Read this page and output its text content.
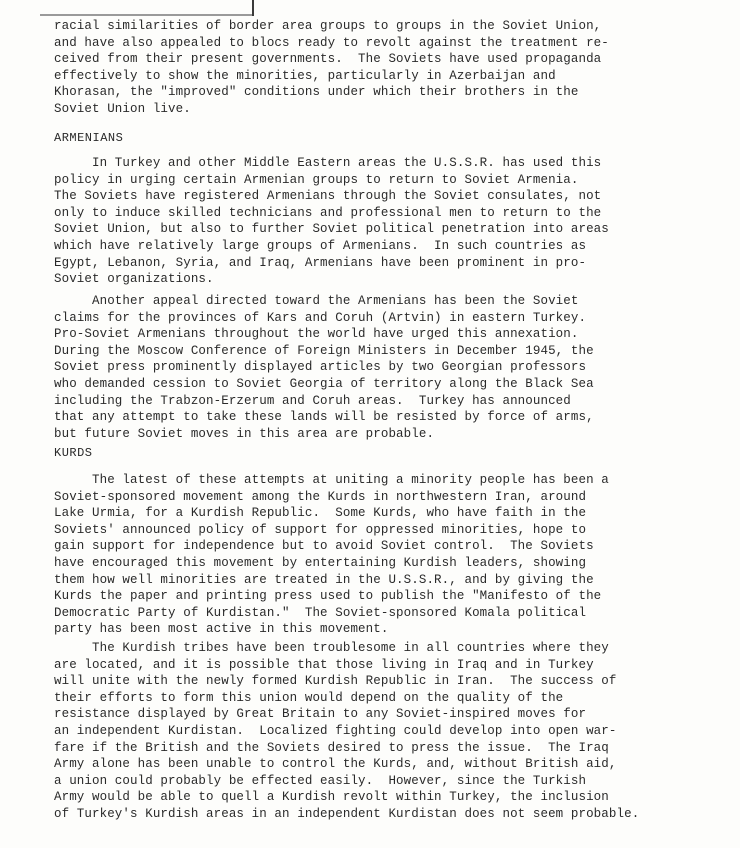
racial similarities of border area groups to groups in the Soviet Union,
and have also appealed to blocs ready to revolt against the treatment re-
ceived from their present governments.  The Soviets have used propaganda
effectively to show the minorities, particularly in Azerbaijan and
Khorasan, the "improved" conditions under which their brothers in the
Soviet Union live.
ARMENIANS
In Turkey and other Middle Eastern areas the U.S.S.R. has used this
policy in urging certain Armenian groups to return to Soviet Armenia.
The Soviets have registered Armenians through the Soviet consulates, not
only to induce skilled technicians and professional men to return to the
Soviet Union, but also to further Soviet political penetration into areas
which have relatively large groups of Armenians.  In such countries as
Egypt, Lebanon, Syria, and Iraq, Armenians have been prominent in pro-
Soviet organizations.
Another appeal directed toward the Armenians has been the Soviet
claims for the provinces of Kars and Coruh (Artvin) in eastern Turkey.
Pro-Soviet Armenians throughout the world have urged this annexation.
During the Moscow Conference of Foreign Ministers in December 1945, the
Soviet press prominently displayed articles by two Georgian professors
who demanded cession to Soviet Georgia of territory along the Black Sea
including the Trabzon-Erzerum and Coruh areas.  Turkey has announced
that any attempt to take these lands will be resisted by force of arms,
but future Soviet moves in this area are probable.
KURDS
The latest of these attempts at uniting a minority people has been a
Soviet-sponsored movement among the Kurds in northwestern Iran, around
Lake Urmia, for a Kurdish Republic.  Some Kurds, who have faith in the
Soviets' announced policy of support for oppressed minorities, hope to
gain support for independence but to avoid Soviet control.  The Soviets
have encouraged this movement by entertaining Kurdish leaders, showing
them how well minorities are treated in the U.S.S.R., and by giving the
Kurds the paper and printing press used to publish the "Manifesto of the
Democratic Party of Kurdistan."  The Soviet-sponsored Komala political
party has been most active in this movement.
The Kurdish tribes have been troublesome in all countries where they
are located, and it is possible that those living in Iraq and in Turkey
will unite with the newly formed Kurdish Republic in Iran.  The success of
their efforts to form this union would depend on the quality of the
resistance displayed by Great Britain to any Soviet-inspired moves for
an independent Kurdistan.  Localized fighting could develop into open war-
fare if the British and the Soviets desired to press the issue.  The Iraq
Army alone has been unable to control the Kurds, and, without British aid,
a union could probably be effected easily.  However, since the Turkish
Army would be able to quell a Kurdish revolt within Turkey, the inclusion
of Turkey's Kurdish areas in an independent Kurdistan does not seem probable.
